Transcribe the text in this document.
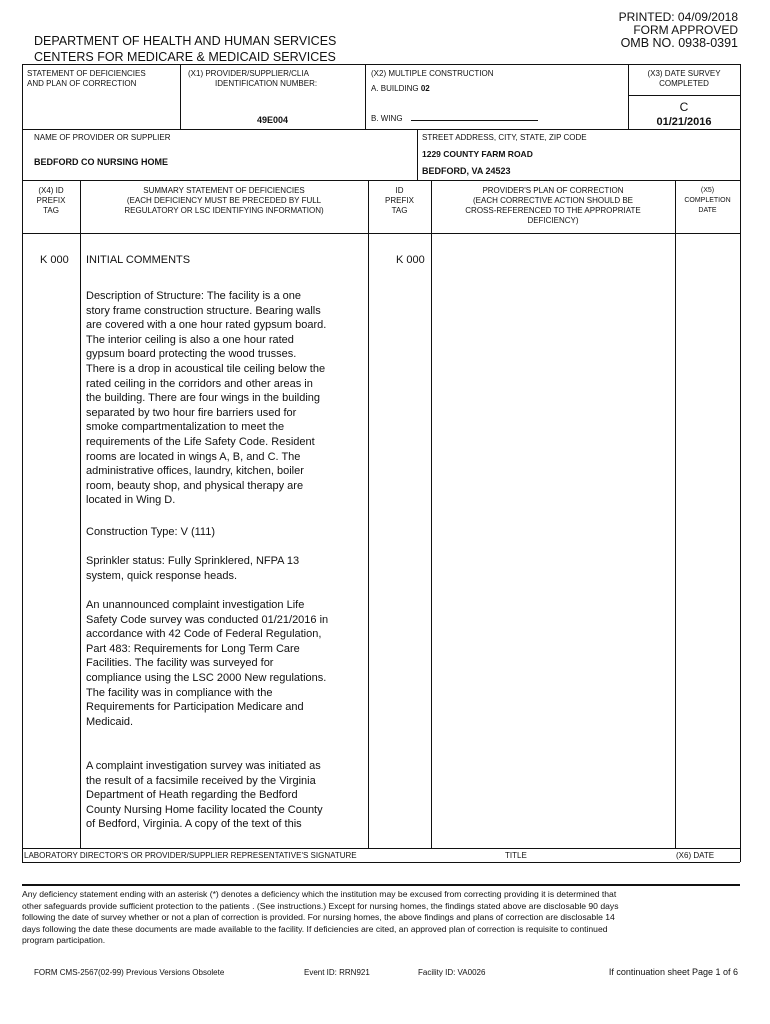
PRINTED: 04/09/2018
FORM APPROVED
OMB NO. 0938-0391
DEPARTMENT OF HEALTH AND HUMAN SERVICES
CENTERS FOR MEDICARE & MEDICAID SERVICES
STATEMENT OF DEFICIENCIES
AND PLAN OF CORRECTION
(X1) PROVIDER/SUPPLIER/CLIA
IDENTIFICATION NUMBER:
49E004
(X2) MULTIPLE CONSTRUCTION
A. BUILDING 02
B. WING
(X3) DATE SURVEY
COMPLETED
C
01/21/2016
NAME OF PROVIDER OR SUPPLIER
BEDFORD CO NURSING HOME
STREET ADDRESS, CITY, STATE, ZIP CODE
1229 COUNTY FARM ROAD
BEDFORD, VA 24523
(X4) ID
PREFIX
TAG
SUMMARY STATEMENT OF DEFICIENCIES
(EACH DEFICIENCY MUST BE PRECEDED BY FULL
REGULATORY OR LSC IDENTIFYING INFORMATION)
ID
PREFIX
TAG
PROVIDER'S PLAN OF CORRECTION
(EACH CORRECTIVE ACTION SHOULD BE
CROSS-REFERENCED TO THE APPROPRIATE
DEFICIENCY)
(X5)
COMPLETION
DATE
K 000	K 000
INITIAL COMMENTS
Description of Structure: The facility is a one
story frame construction structure. Bearing walls
are covered with a one hour rated gypsum board.
The interior ceiling is also a one hour rated
gypsum board protecting the wood trusses.
There is a drop in acoustical tile ceiling below the
rated ceiling in the corridors and other areas in
the building. There are four wings in the building
separated by two hour fire barriers used for
smoke compartmentalization to meet the
requirements of the Life Safety Code. Resident
rooms are located in wings A, B, and C. The
administrative offices, laundry, kitchen, boiler
room, beauty shop, and physical therapy are
located in Wing D.
Construction Type: V (111)
Sprinkler status: Fully Sprinklered, NFPA 13
system, quick response heads.
An unannounced complaint investigation Life
Safety Code survey was conducted 01/21/2016 in
accordance with 42 Code of Federal Regulation,
Part 483: Requirements for Long Term Care
Facilities. The facility was surveyed for
compliance using the LSC 2000 New regulations.
The facility was in compliance with the
Requirements for Participation Medicare and
Medicaid.
A complaint investigation survey was initiated as
the result of a facsimile received by the Virginia
Department of Heath regarding the Bedford
County Nursing Home facility located the County
of Bedford, Virginia. A copy of the text of this
LABORATORY DIRECTOR'S OR PROVIDER/SUPPLIER REPRESENTATIVE'S SIGNATURE	TITLE	(X6) DATE
Any deficiency statement ending with an asterisk (*) denotes a deficiency which the institution may be excused from correcting providing it is determined that
other safeguards provide sufficient protection to the patients . (See instructions.) Except for nursing homes, the findings stated above are disclosable 90 days
following the date of survey whether or not a plan of correction is provided. For nursing homes, the above findings and plans of correction are disclosable 14
days following the date these documents are made available to the facility. If deficiencies are cited, an approved plan of correction is requisite to continued
program participation.
FORM CMS-2567(02-99) Previous Versions Obsolete	Event ID: RRN921	Facility ID: VA0026	If continuation sheet Page 1 of 6
